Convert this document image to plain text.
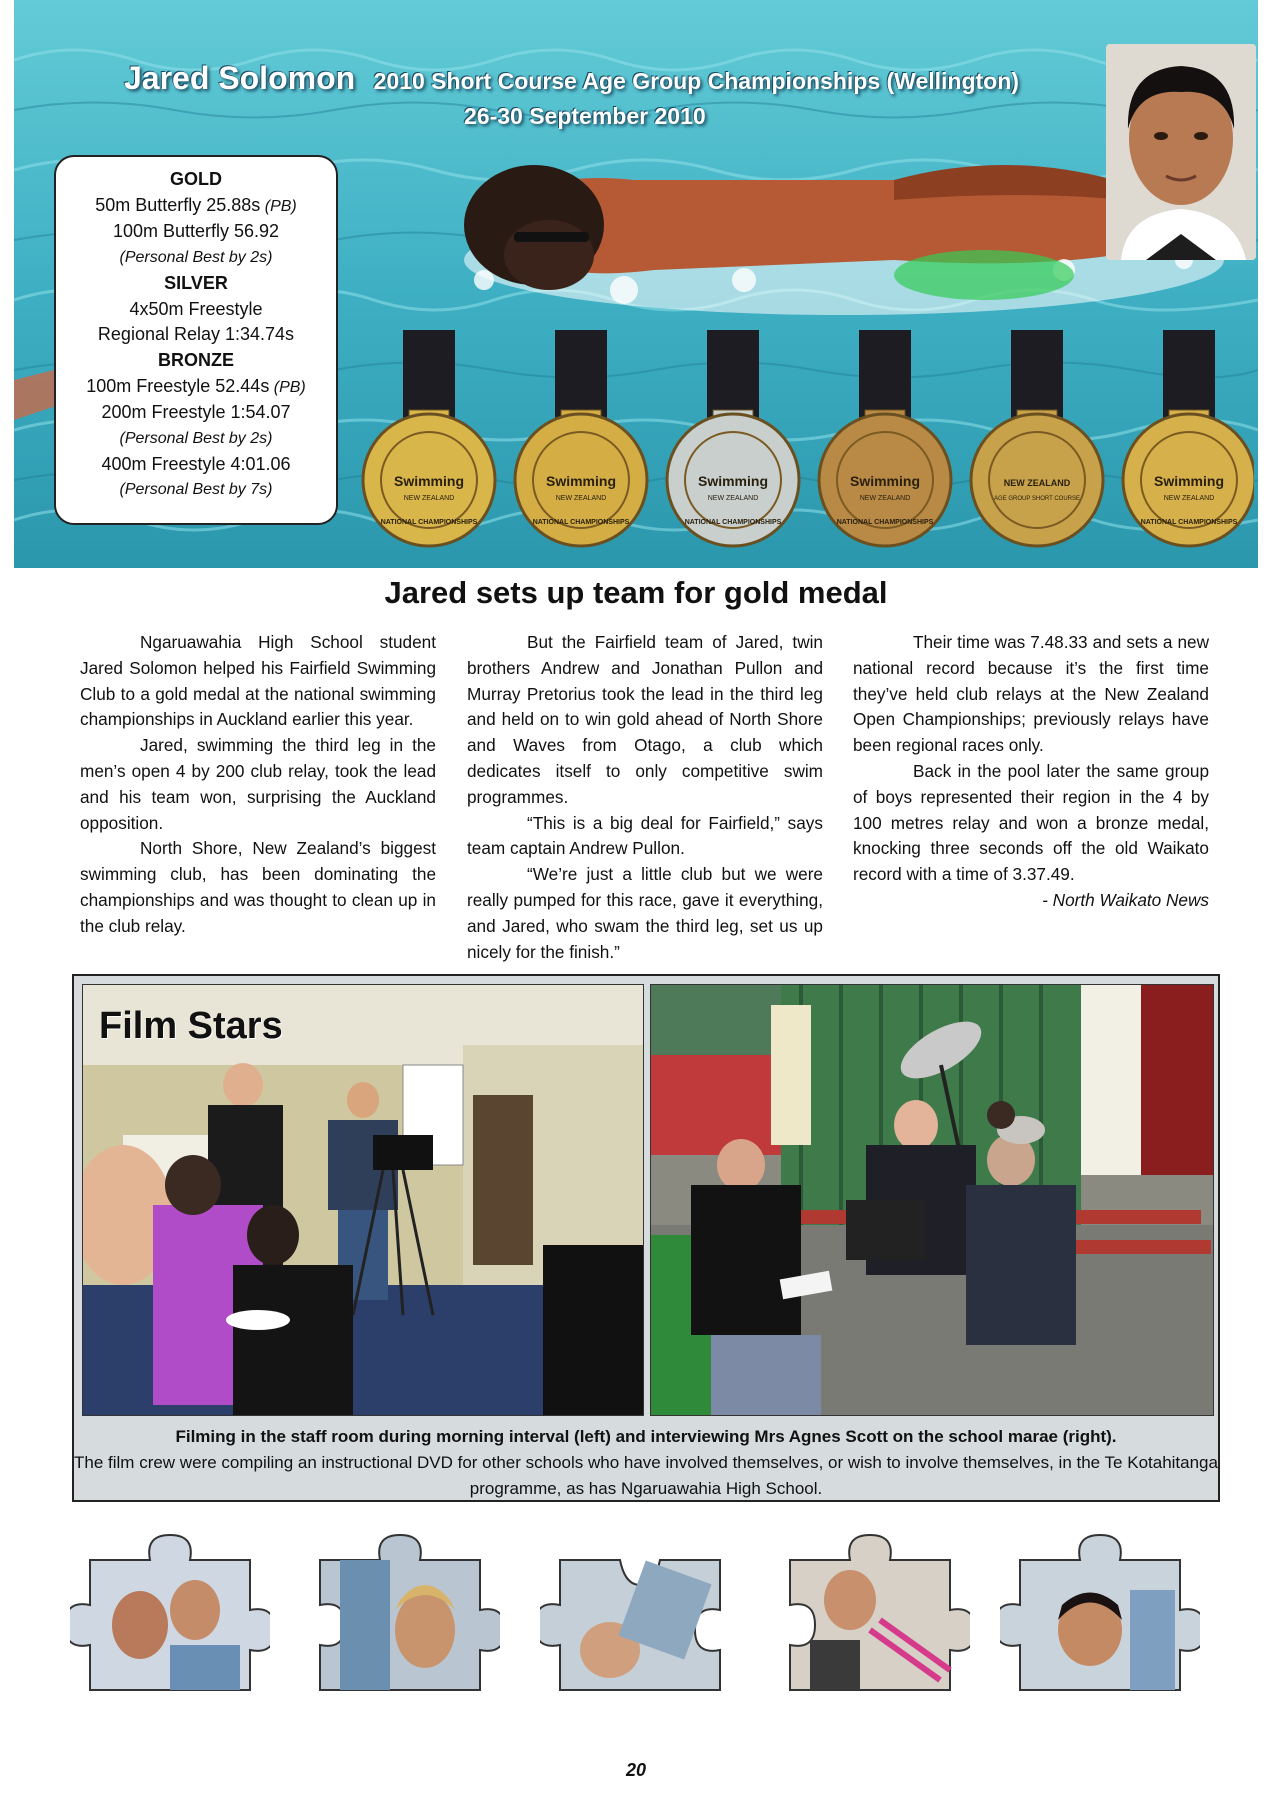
Jared Solomon 2010 Short Course Age Group Championships (Wellington)
26-30 September 2010
GOLD
50m Butterfly 25.88s (PB)
100m Butterfly 56.92
(Personal Best by 2s)
SILVER
4x50m Freestyle
Regional Relay 1:34.74s
BRONZE
100m Freestyle 52.44s (PB)
200m Freestyle 1:54.07
(Personal Best by 2s)
400m Freestyle 4:01.06
(Personal Best by 7s)
Swimming
NEW ZEALAND
NATIONAL CHAMPIONSHIPS
Swimming
NEW ZEALAND
NATIONAL CHAMPIONSHIPS
Swimming
NEW ZEALAND
NATIONAL CHAMPIONSHIPS
Swimming
NEW ZEALAND
NATIONAL CHAMPIONSHIPS
NEW ZEALAND
AGE GROUP SHORT COURSE
Swimming
NEW ZEALAND
NATIONAL CHAMPIONSHIPS
Jared sets up team for gold medal

Ngaruawahia High School student Jared Solomon helped his Fairfield Swimming Club to a gold medal at the national swimming championships in Auckland earlier this year.

Jared, swimming the third leg in the men’s open 4 by 200 club relay, took the lead and his team won, surprising the Auckland opposition.

North Shore, New Zealand’s biggest swimming club, has been dominating the championships and was thought to clean up in the club relay.

But the Fairfield team of Jared, twin brothers Andrew and Jonathan Pullon and Murray Pretorius took the lead in the third leg and held on to win gold ahead of North Shore and Waves from Otago, a club which dedicates itself to only competitive swim programmes.

“This is a big deal for Fairfield,” says team captain Andrew Pullon.

“We’re just a little club but we were really pumped for this race, gave it everything, and Jared, who swam the third leg, set us up nicely for the finish.”

Their time was 7.48.33 and sets a new national record because it’s the first time they’ve held club relays at the New Zealand Open Championships; previously relays have been regional races only.

Back in the pool later the same group of boys represented their region in the 4 by 100 metres relay and won a bronze medal, knocking three seconds off the old Waikato record with a time of 3.37.49.

- North Waikato News
Film Stars
Filming in the staff room during morning interval (left) and interviewing Mrs Agnes Scott on the school marae (right).
The film crew were compiling an instructional DVD for other schools who have involved themselves, or wish to involve themselves, in the Te Kotahitanga programme, as has Ngaruawahia High School.
20
